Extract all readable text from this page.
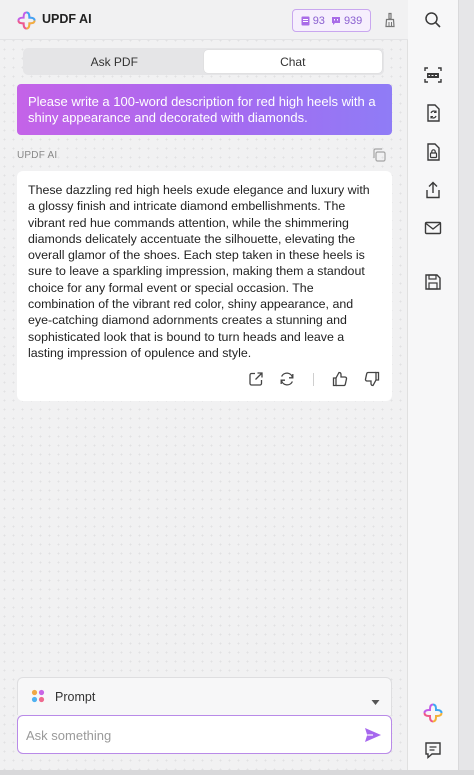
UPDF AI	93 939
Ask PDF	Chat
Please write a 100-word description for red high heels with a shiny appearance and decorated with diamonds.
UPDF AI
These dazzling red high heels exude elegance and luxury with a glossy finish and intricate diamond embellishments. The vibrant red hue commands attention, while the shimmering diamonds delicately accentuate the silhouette, elevating the overall glamor of the shoes. Each step taken in these heels is sure to leave a sparkling impression, making them a standout choice for any formal event or special occasion. The combination of the vibrant red color, shiny appearance, and eye-catching diamond adornments creates a stunning and sophisticated look that is bound to turn heads and leave a lasting impression of opulence and style.
Prompt
Ask something
